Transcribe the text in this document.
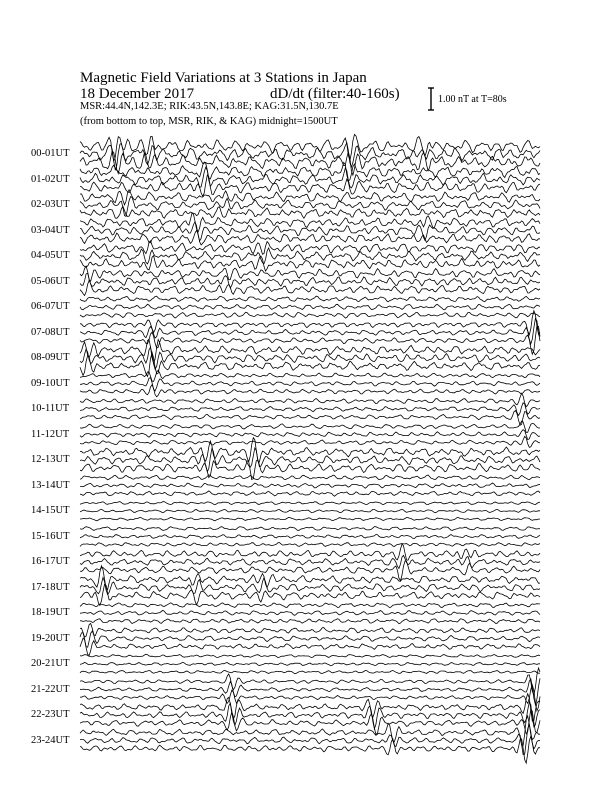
Magnetic Field Variations at 3 Stations in Japan
18 December 2017	dD/dt (filter:40-160s)
MSR:44.4N,142.3E; RIK:43.5N,143.8E; KAG:31.5N,130.7E
(from bottom to top, MSR, RIK, & KAG) midnight=1500UT
1.00 nT at T=80s
00-01UT
01-02UT
02-03UT
03-04UT
04-05UT
05-06UT
06-07UT
07-08UT
08-09UT
09-10UT
10-11UT
11-12UT
12-13UT
13-14UT
14-15UT
15-16UT
16-17UT
17-18UT
18-19UT
19-20UT
20-21UT
21-22UT
22-23UT
23-24UT
